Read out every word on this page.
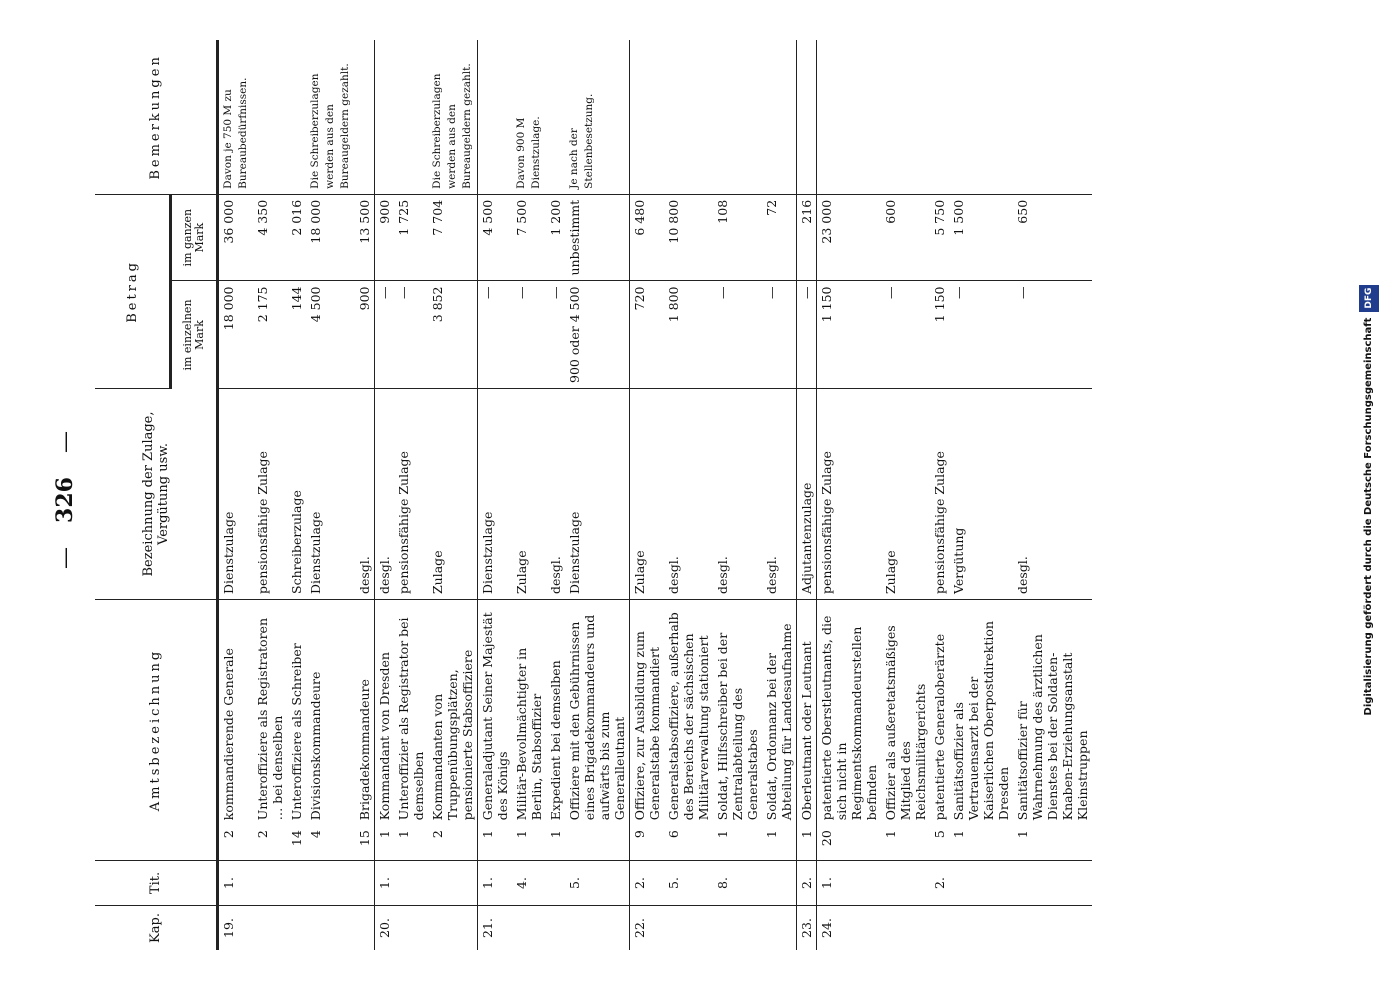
—326—
Kap.	Tit.	Amtsbezeichnung		Bezeichnung der Zulage, Vergütung usw.	Betrag		Bemerkungen
					im einzelnen Mark	im ganzen Mark	
19.	1.	2	kommandierende Generale	Dienstzulage	18 000	36 000	Davon je 750 M zu Bureaubedürfnissen.
		2	Unteroffiziere als Registratoren … bei denselben	pensionsfähige Zulage	2 175	4 350	
		14	Unteroffiziere als Schreiber	Schreiberzulage	144	2 016	
		4	Divisionskommandeure	Dienstzulage	4 500	18 000	Die Schreiberzulagen werden aus den Bureaugeldern gezahlt.
		15	Brigadekommandeure	desgl.	900	13 500	
20.	1.	1	Kommandant von Dresden	desgl.	—	900	
		1	Unteroffizier als Registrator bei demselben	pensionsfähige Zulage	—	1 725	
		2	Kommandanten von Truppenübungsplätzen, pensionierte Stabsoffiziere	Zulage	3 852	7 704	Die Schreiberzulagen werden aus den Bureaugeldern gezahlt.
21.	1.	1	Generaladjutant Seiner Majestät des Königs	Dienstzulage	—	4 500	
	4.	1	Militär-Bevollmächtigter in Berlin, Stabsoffizier	Zulage	—	7 500	Davon 900 M Dienstzulage.
		1	Expedient bei demselben	desgl.	—	1 200	
	5.		Offiziere mit den Gebührnissen eines Brigadekommandeurs und aufwärts bis zum Generalleutnant	Dienstzulage	900 oder 4 500	unbestimmt	Je nach der Stellenbesetzung.
22.	2.	9	Offiziere, zur Ausbildung zum Generalstabe kommandiert	Zulage	720	6 480	
	5.	6	Generalstabsoffiziere, außerhalb des Bereichs der sächsischen Militärverwaltung stationiert	desgl.	1 800	10 800	
	8.	1	Soldat, Hilfsschreiber bei der Zentralabteilung des Generalstabes	desgl.	—	108	
		1	Soldat, Ordonnanz bei der Abteilung für Landesaufnahme	desgl.	—	72	
23.	2.	1	Oberleutnant oder Leutnant	Adjutantenzulage	—	216	
24.	1.	20	patentierte Oberstleutnants, die sich nicht in Regimentskommandeurstellen befinden	pensionsfähige Zulage	1 150	23 000	
		1	Offizier als außeretatsmäßiges Mitglied des Reichsmilitärgerichts	Zulage	—	600	
	2.	5	patentierte Generaloberärzte	pensionsfähige Zulage	1 150	5 750	
		1	Sanitätsoffizier als Vertrauensarzt bei der Kaiserlichen Oberpostdirektion Dresden	Vergütung	—	1 500	
		1	Sanitätsoffizier für Wahrnehmung des ärztlichen Dienstes bei der Soldaten-Knaben-Erziehungsanstalt Kleinstruppen	desgl.	—	650	
Digitalisierung gefördert durch die Deutsche ForschungsgemeinschaftDFG
